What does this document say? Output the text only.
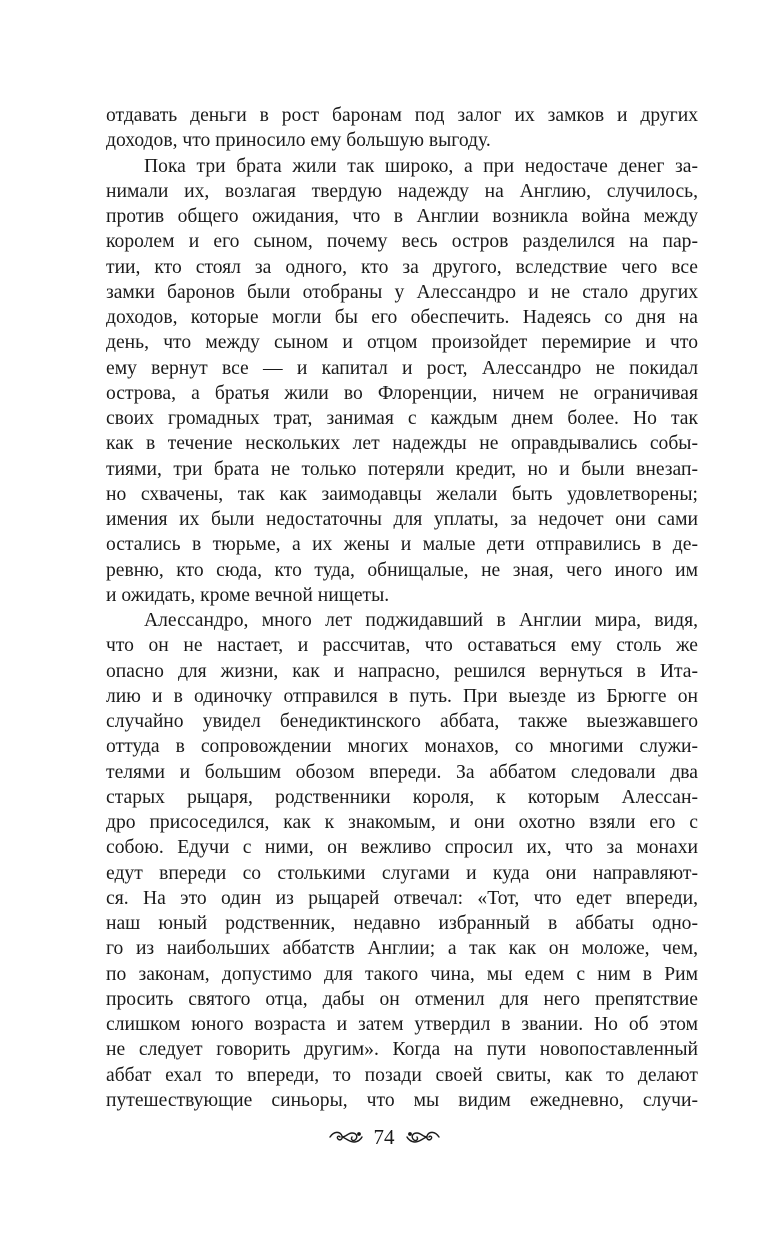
отдавать деньги в рост баронам под залог их замков и других
доходов, что приносило ему большую выгоду.
Пока три брата жили так широко, а при недостаче денег за-
нимали их, возлагая твердую надежду на Англию, случилось,
против общего ожидания, что в Англии возникла война между
королем и его сыном, почему весь остров разделился на пар-
тии, кто стоял за одного, кто за другого, вследствие чего все
замки баронов были отобраны у Алессандро и не стало других
доходов, которые могли бы его обеспечить. Надеясь со дня на
день, что между сыном и отцом произойдет перемирие и что
ему вернут все — и капитал и рост, Алессандро не покидал
острова, а братья жили во Флоренции, ничем не ограничивая
своих громадных трат, занимая с каждым днем более. Но так
как в течение нескольких лет надежды не оправдывались собы-
тиями, три брата не только потеряли кредит, но и были внезап-
но схвачены, так как заимодавцы желали быть удовлетворены;
имения их были недостаточны для уплаты, за недочет они сами
остались в тюрьме, а их жены и малые дети отправились в де-
ревню, кто сюда, кто туда, обнищалые, не зная, чего иного им
и ожидать, кроме вечной нищеты.
Алессандро, много лет поджидавший в Англии мира, видя,
что он не настает, и рассчитав, что оставаться ему столь же
опасно для жизни, как и напрасно, решился вернуться в Ита-
лию и в одиночку отправился в путь. При выезде из Брюгге он
случайно увидел бенедиктинского аббата, также выезжавшего
оттуда в сопровождении многих монахов, со многими служи-
телями и большим обозом впереди. За аббатом следовали два
старых рыцаря, родственники короля, к которым Алессан-
дро присоседился, как к знакомым, и они охотно взяли его с
собою. Едучи с ними, он вежливо спросил их, что за монахи
едут впереди со столькими слугами и куда они направляют-
ся. На это один из рыцарей отвечал: «Тот, что едет впереди,
наш юный родственник, недавно избранный в аббаты одно-
го из наибольших аббатств Англии; а так как он моложе, чем,
по законам, допустимо для такого чина, мы едем с ним в Рим
просить святого отца, дабы он отменил для него препятствие
слишком юного возраста и затем утвердил в звании. Но об этом
не следует говорить другим». Когда на пути новопоставленный
аббат ехал то впереди, то позади своей свиты, как то делают
путешествующие синьоры, что мы видим ежедневно, случи-
74
